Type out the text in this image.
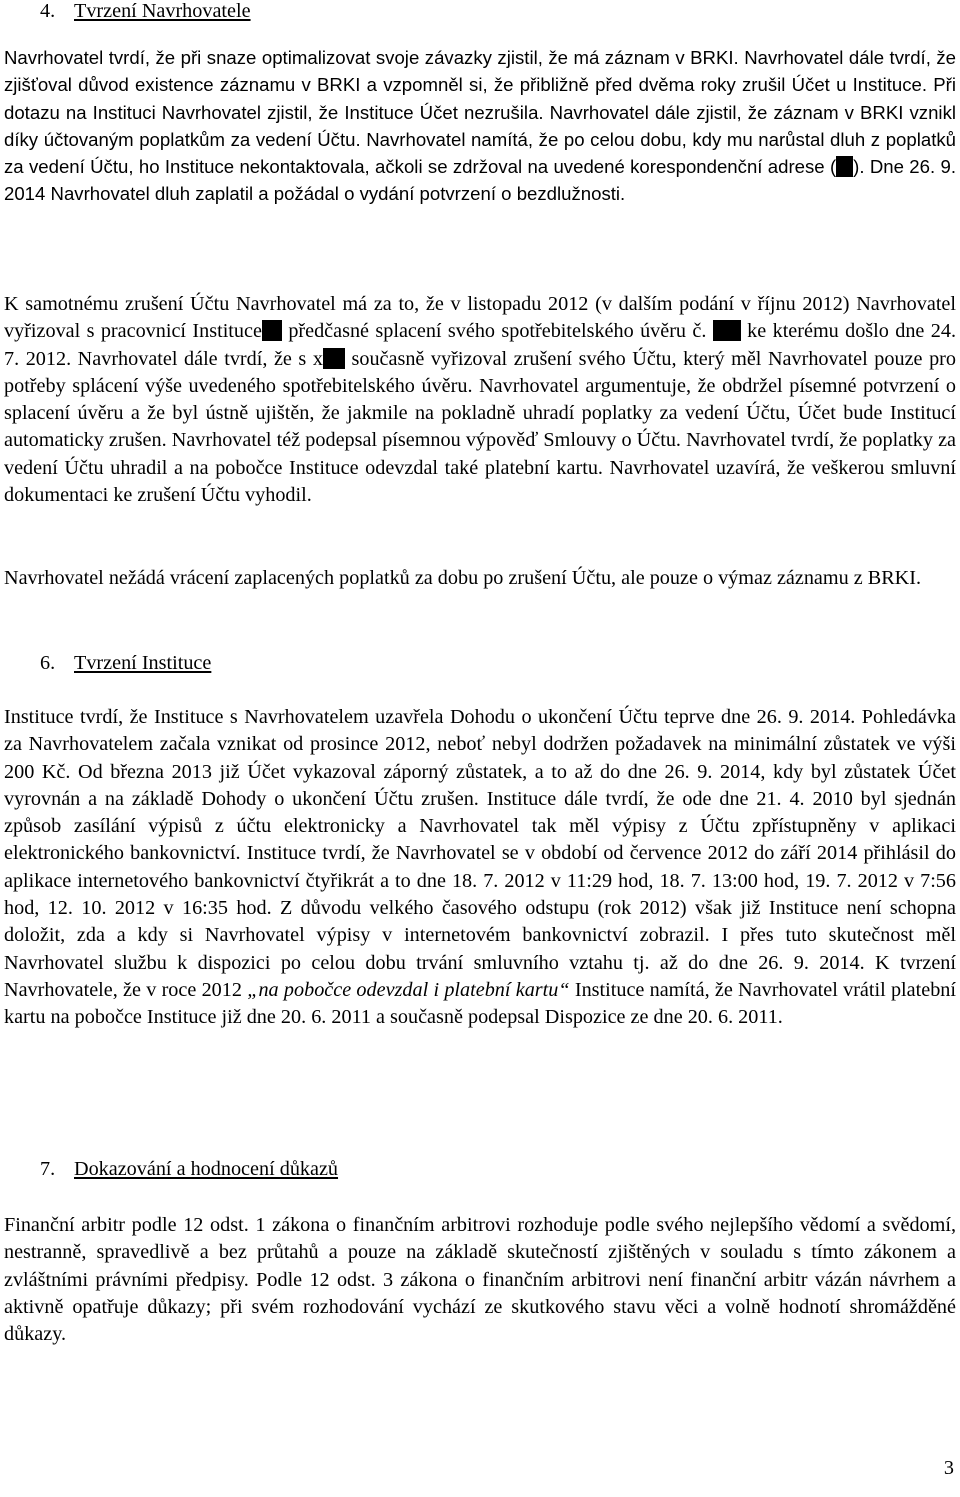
4. Tvrzení Navrhovatele

Navrhovatel tvrdí, že při snaze optimalizovat svoje závazky zjistil, že má záznam v BRKI. Navrhovatel dále tvrdí, že zjišťoval důvod existence záznamu v BRKI a vzpomněl si, že přibližně před dvěma roky zrušil Účet u Instituce. Při dotazu na Instituci Navrhovatel zjistil, že Instituce Účet nezrušila. Navrhovatel dále zjistil, že záznam v BRKI vznikl díky účtovaným poplatkům za vedení Účtu. Navrhovatel namítá, že po celou dobu, kdy mu narůstal dluh z poplatků za vedení Účtu, ho Instituce nekontaktovala, ačkoli se zdržoval na uvedené korespondenční adrese ( ). Dne 26. 9. 2014 Navrhovatel dluh zaplatil a požádal o vydání potvrzení o bezdlužnosti.

K samotnému zrušení Účtu Navrhovatel má za to, že v listopadu 2012 (v dalším podání v říjnu 2012) Navrhovatel vyřizoval s pracovnicí Instituce předčasné splacení svého spotřebitelského úvěru č.  ke kterému došlo dne 24. 7. 2012. Navrhovatel dále tvrdí, že s x současně vyřizoval zrušení svého Účtu, který měl Navrhovatel pouze pro potřeby splácení výše uvedeného spotřebitelského úvěru. Navrhovatel argumentuje, že obdržel písemné potvrzení o splacení úvěru a že byl ústně ujištěn, že jakmile na pokladně uhradí poplatky za vedení Účtu, Účet bude Institucí automaticky zrušen. Navrhovatel též podepsal písemnou výpověď Smlouvy o Účtu. Navrhovatel tvrdí, že poplatky za vedení Účtu uhradil a na pobočce Instituce odevzdal také platební kartu. Navrhovatel uzavírá, že veškerou smluvní dokumentaci ke zrušení Účtu vyhodil.

Navrhovatel nežádá vrácení zaplacených poplatků za dobu po zrušení Účtu, ale pouze o výmaz záznamu z BRKI.

6. Tvrzení Instituce

Instituce tvrdí, že Instituce s Navrhovatelem uzavřela Dohodu o ukončení Účtu teprve dne 26. 9. 2014. Pohledávka za Navrhovatelem začala vznikat od prosince 2012, neboť nebyl dodržen požadavek na minimální zůstatek ve výši 200 Kč. Od března 2013 již Účet vykazoval záporný zůstatek, a to až do dne 26. 9. 2014, kdy byl zůstatek Účet vyrovnán a na základě Dohody o ukončení Účtu zrušen. Instituce dále tvrdí, že ode dne 21. 4. 2010 byl sjednán způsob zasílání výpisů z účtu elektronicky a Navrhovatel tak měl výpisy z Účtu zpřístupněny v aplikaci elektronického bankovnictví. Instituce tvrdí, že Navrhovatel se v období od července 2012 do září 2014 přihlásil do aplikace internetového bankovnictví čtyřikrát a to dne 18. 7. 2012 v 11:29 hod, 18. 7. 13:00 hod, 19. 7. 2012 v 7:56 hod, 12. 10. 2012 v 16:35 hod. Z důvodu velkého časového odstupu (rok 2012) však již Instituce není schopna doložit, zda a kdy si Navrhovatel výpisy v internetovém bankovnictví zobrazil. I přes tuto skutečnost měl Navrhovatel službu k dispozici po celou dobu trvání smluvního vztahu tj. až do dne 26. 9. 2014. K tvrzení Navrhovatele, že v roce 2012 „na pobočce odevzdal i platební kartu“ Instituce namítá, že Navrhovatel vrátil platební kartu na pobočce Instituce již dne 20. 6. 2011 a současně podepsal Dispozice ze dne 20. 6. 2011.

7. Dokazování a hodnocení důkazů

Finanční arbitr podle 12 odst. 1 zákona o finančním arbitrovi rozhoduje podle svého nejlepšího vědomí a svědomí, nestranně, spravedlivě a bez průtahů a pouze na základě skutečností zjištěných v souladu s tímto zákonem a zvláštními právními předpisy. Podle 12 odst. 3 zákona o finančním arbitrovi není finanční arbitr vázán návrhem a aktivně opatřuje důkazy; při svém rozhodování vychází ze skutkového stavu věci a volně hodnotí shromážděné důkazy.

3
